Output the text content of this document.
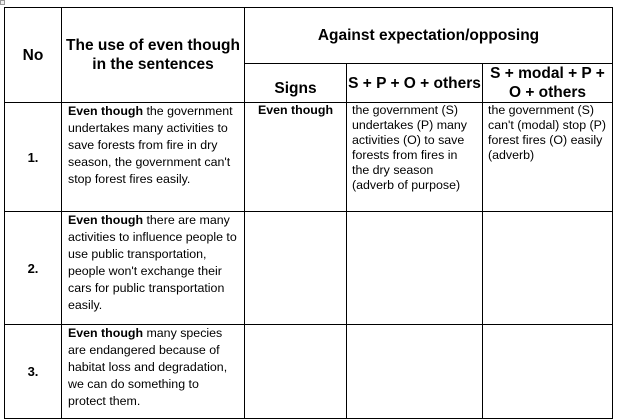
No	The use of even though in the sentences	Against expectation/opposing		
		Signs	S + P + O + others	S + modal + P + O + others
1.	Even though the government undertakes many activities to save forests from fire in dry season, the government can't stop forest fires easily.	Even though	the government (S) undertakes (P) many activities (O) to save forests from fires in the dry season (adverb of purpose)	the government (S) can't (modal) stop (P) forest fires (O) easily (adverb)
2.	Even though there are many activities to influence people to use public transportation, people won't exchange their cars for public transportation easily.			
3.	Even though many species are endangered because of habitat loss and degradation, we can do something to protect them.			
